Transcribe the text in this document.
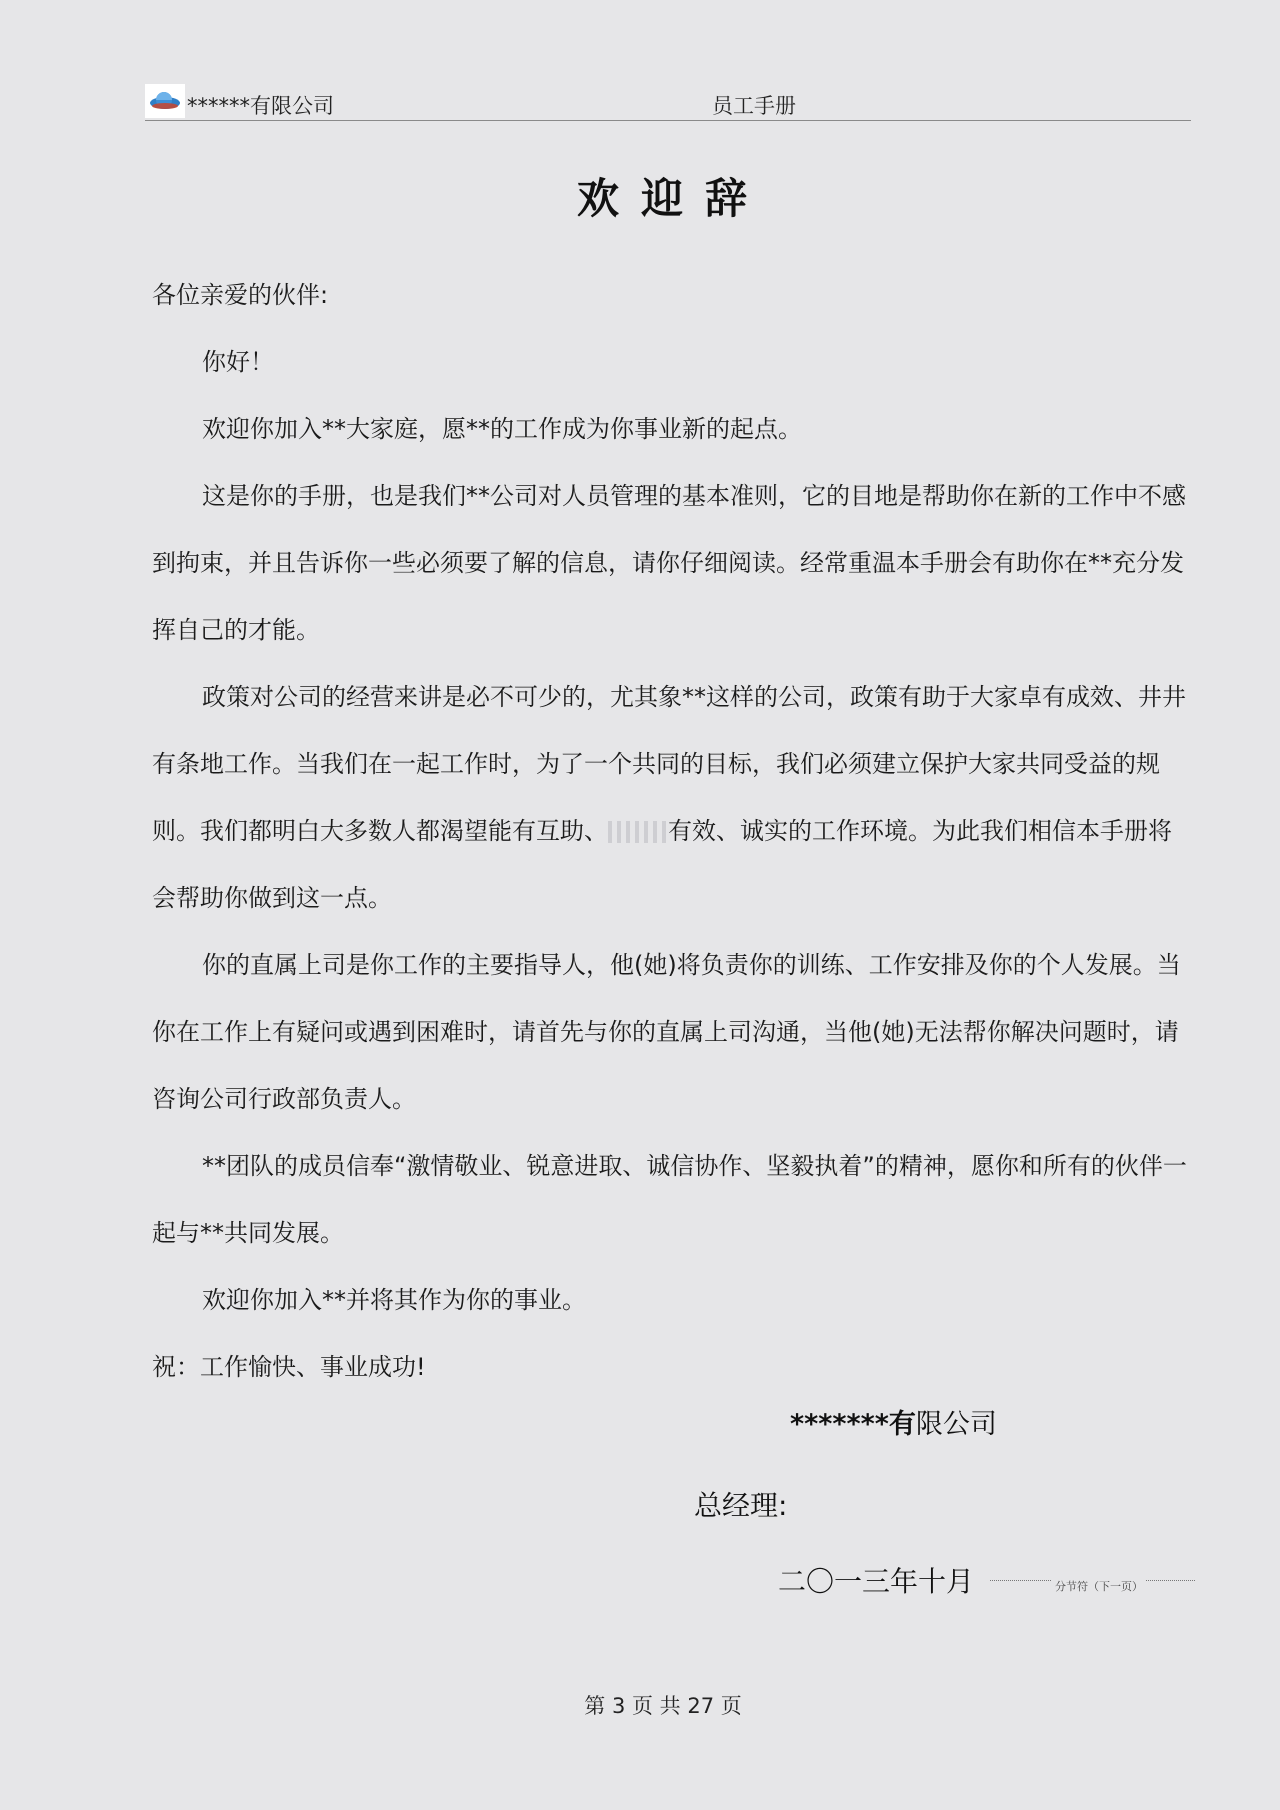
******有限公司	员工手册
欢迎辞

各位亲爱的伙伴:

你好！

欢迎你加入**大家庭，愿**的工作成为你事业新的起点。

这是你的手册，也是我们**公司对人员管理的基本准则，它的目地是帮助你在新的工作中不感到拘束，并且告诉你一些必须要了解的信息，请你仔细阅读。经常重温本手册会有助你在**充分发挥自己的才能。

政策对公司的经营来讲是必不可少的，尤其象**这样的公司，政策有助于大家卓有成效、井井有条地工作。当我们在一起工作时，为了一个共同的目标，我们必须建立保护大家共同受益的规则。我们都明白大多数人都渴望能有互助、	有效、诚实的工作环境。为此我们相信本手册将会帮助你做到这一点。

你的直属上司是你工作的主要指导人，他(她)将负责你的训练、工作安排及你的个人发展。当你在工作上有疑问或遇到困难时，请首先与你的直属上司沟通，当他(她)无法帮你解决问题时，请咨询公司行政部负责人。

**团队的成员信奉“激情敬业、锐意进取、诚信协作、坚毅执着”的精神，愿你和所有的伙伴一起与**共同发展。

欢迎你加入**并将其作为你的事业。

祝：工作愉快、事业成功!

*******有限公司
总经理:
二〇一三年十月	分节符（下一页）
第 3 页 共 27 页
